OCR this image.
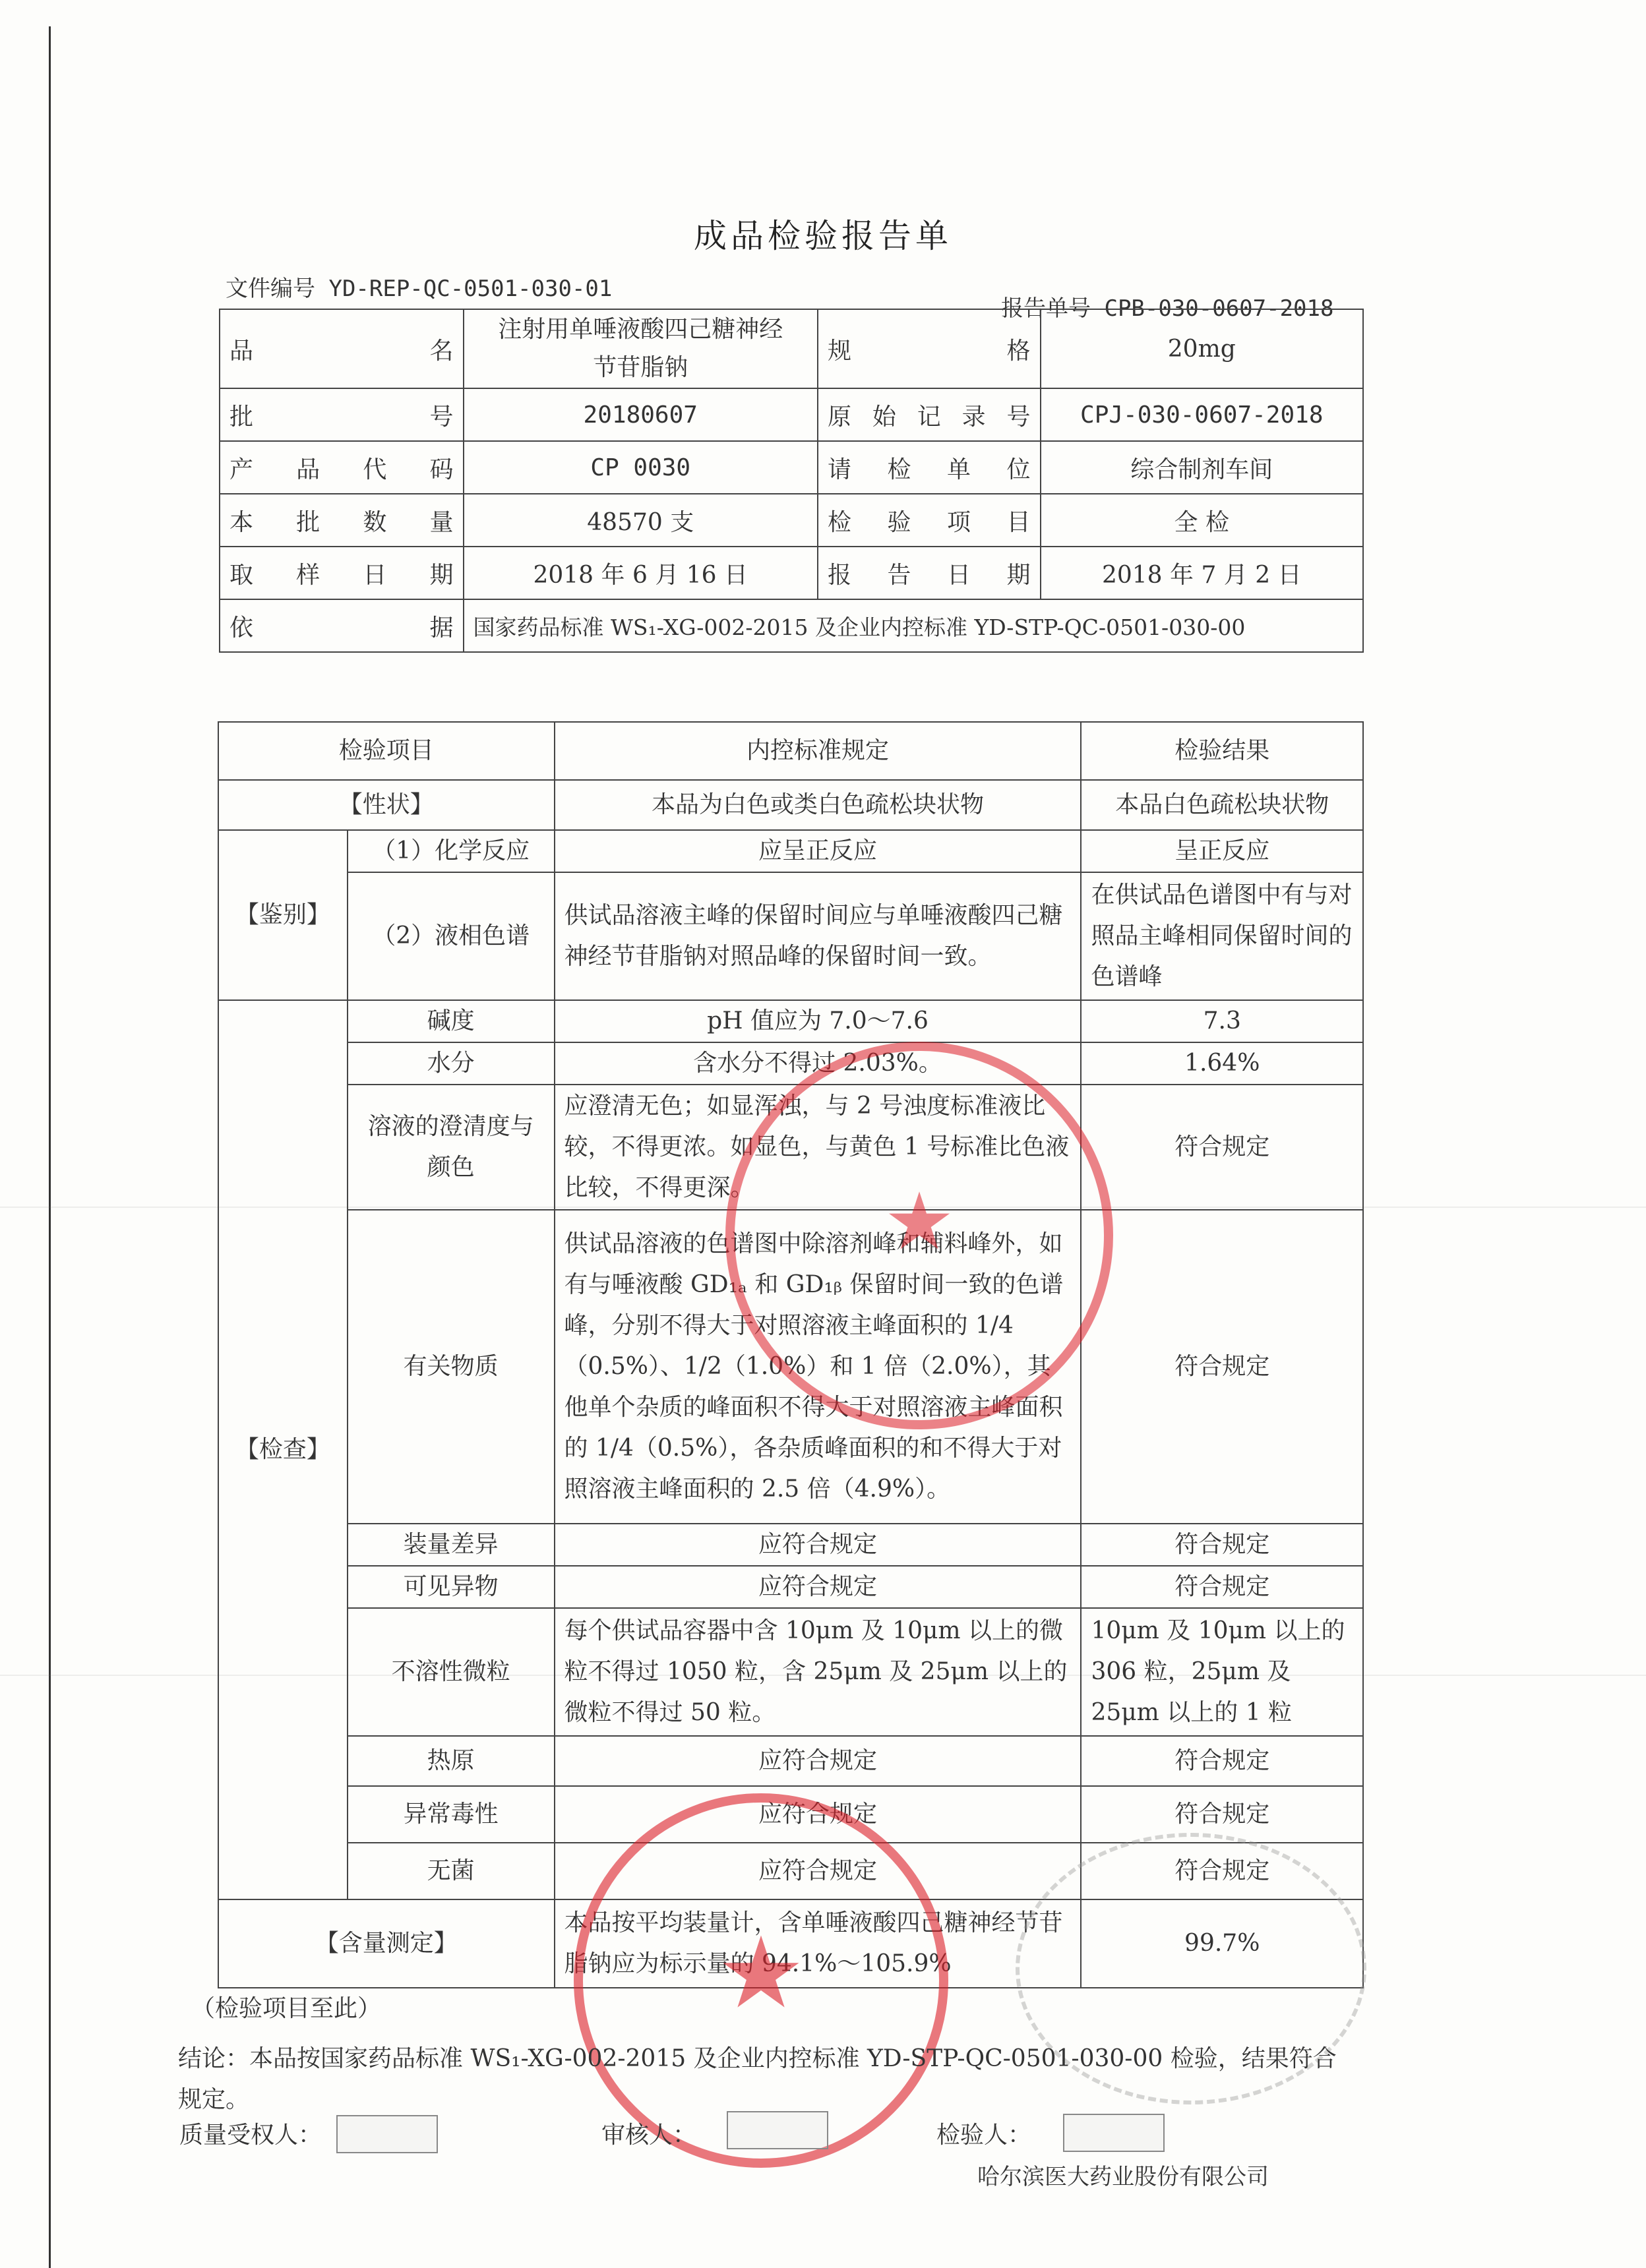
成品检验报告单
文件编号 YD-REP-QC-0501-030-01
报告单号 CPB-030-0607-2018
品名	注射用单唾液酸四己糖神经节苷脂钠	规格	20mg
批号	20180607	原始记录号	CPJ-030-0607-2018
产品代码	CP 0030	请检单位	综合制剂车间
本批数量	48570 支	检验项目	全 检
取样日期	2018 年 6 月 16 日	报告日期	2018 年 7 月 2 日
依据	国家药品标准 WS₁-XG-002-2015 及企业内控标准 YD-STP-QC-0501-030-00		
检验项目		内控标准规定	检验结果
【性状】		本品为白色或类白色疏松块状物	本品白色疏松块状物
【鉴别】	（1）化学反应	应呈正反应	呈正反应
	（2）液相色谱	供试品溶液主峰的保留时间应与单唾液酸四己糖神经节苷脂钠对照品峰的保留时间一致。	在供试品色谱图中有与对照品主峰相同保留时间的色谱峰
【检查】	碱度	pH 值应为 7.0～7.6	7.3
	水分	含水分不得过 2.03%。	1.64%
	溶液的澄清度与颜色	应澄清无色；如显浑浊，与 2 号浊度标准液比较，不得更浓。如显色，与黄色 1 号标准比色液比较，不得更深。	符合规定
	有关物质	供试品溶液的色谱图中除溶剂峰和辅料峰外，如有与唾液酸 GD₁ₐ 和 GD₁ᵦ 保留时间一致的色谱峰，分别不得大于对照溶液主峰面积的 1/4（0.5%）、1/2（1.0%）和 1 倍（2.0%），其他单个杂质的峰面积不得大于对照溶液主峰面积的 1/4（0.5%），各杂质峰面积的和不得大于对照溶液主峰面积的 2.5 倍（4.9%）。	符合规定
	装量差异	应符合规定	符合规定
	可见异物	应符合规定	符合规定
	不溶性微粒	每个供试品容器中含 10μm 及 10μm 以上的微粒不得过 1050 粒，含 25μm 及 25μm 以上的微粒不得过 50 粒。	10μm 及 10μm 以上的 306 粒，25μm 及 25μm 以上的 1 粒
	热原	应符合规定	符合规定
	异常毒性	应符合规定	符合规定
	无菌	应符合规定	符合规定

【含量测定】		本品按平均装量计，含单唾液酸四己糖神经节苷脂钠应为标示量的 94.1%～105.9%	99.7%
★
★
（检验项目至此）
结论：本品按国家药品标准 WS₁-XG-002-2015 及企业内控标准 YD-STP-QC-0501-030-00 检验，结果符合规定。
质量受权人：	审核人：	检验人：
哈尔滨医大药业股份有限公司
